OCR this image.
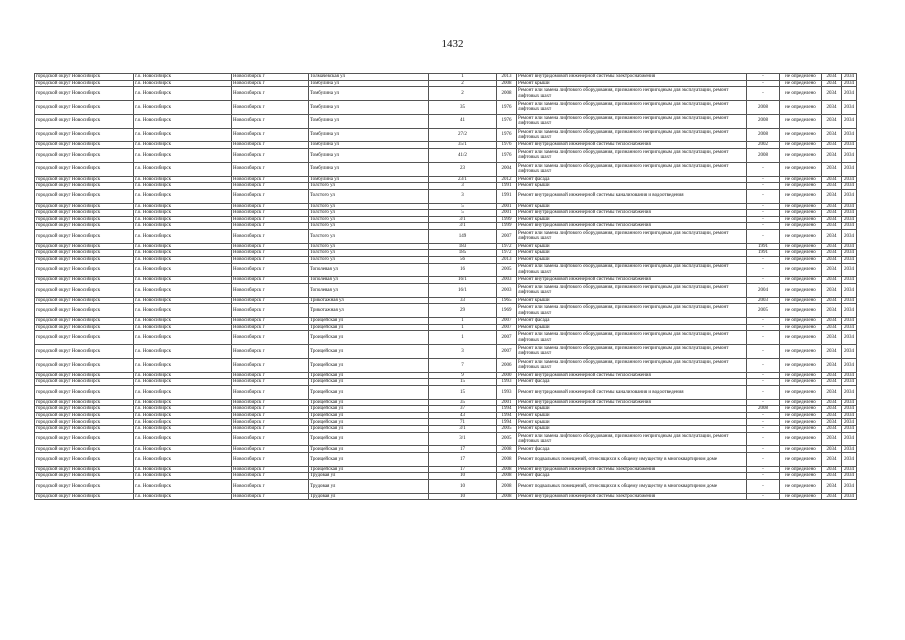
1432
городской округ Новосибирск	г.о. Новосибирск	Новосибирск г	Толмачевская ул	1	2013	Ремонт внутридомовой инженерной системы электроснабжения	-	не определено	2034	2034
городской округ Новосибирск	г.о. Новосибирск	Новосибирск г	Томбулина ул	2	2008	Ремонт крыши	-	не определено	2034	2034
городской округ Новосибирск	г.о. Новосибирск	Новосибирск г	Томбулина ул	2	2008	Ремонт или замена лифтового оборудования, признанного непригодным для эксплуатации, ремонт лифтовых шахт	-	не определено	2034	2034
городской округ Новосибирск	г.о. Новосибирск	Новосибирск г	Томбулина ул	35	1976	Ремонт или замена лифтового оборудования, признанного непригодным для эксплуатации, ремонт лифтовых шахт	2008	не определено	2034	2034
городской округ Новосибирск	г.о. Новосибирск	Новосибирск г	Томбулина ул	41	1976	Ремонт или замена лифтового оборудования, признанного непригодным для эксплуатации, ремонт лифтовых шахт	2008	не определено	2034	2034
городской округ Новосибирск	г.о. Новосибирск	Новосибирск г	Томбулина ул	27/2	1976	Ремонт или замена лифтового оборудования, признанного непригодным для эксплуатации, ремонт лифтовых шахт	2008	не определено	2034	2034
городской округ Новосибирск	г.о. Новосибирск	Новосибирск г	Томбулина ул	35/1	1976	Ремонт внутридомовой инженерной системы теплоснабжения	2002	не определено	2034	2034
городской округ Новосибирск	г.о. Новосибирск	Новосибирск г	Томбулина ул	41/2	1976	Ремонт или замена лифтового оборудования, признанного непригодным для эксплуатации, ремонт лифтовых шахт	2008	не определено	2034	2034
городской округ Новосибирск	г.о. Новосибирск	Новосибирск г	Томбулина ул	23	2004	Ремонт или замена лифтового оборудования, признанного непригодным для эксплуатации, ремонт лифтовых шахт	-	не определено	2034	2034
городской округ Новосибирск	г.о. Новосибирск	Новосибирск г	Томбулина ул	23/1	2012	Ремонт фасада	-	не определено	2034	2034
городской округ Новосибирск	г.о. Новосибирск	Новосибирск г	Толстого ул	3	1991	Ремонт крыши	-	не определено	2034	2034
городской округ Новосибирск	г.о. Новосибирск	Новосибирск г	Толстого ул	3	1991	Ремонт внутридомовой инженерной системы канализования и водоотведения	-	не определено	2034	2034
городской округ Новосибирск	г.о. Новосибирск	Новосибирск г	Толстого ул	5	2001	Ремонт крыши	-	не определено	2034	2034
городской округ Новосибирск	г.о. Новосибирск	Новосибирск г	Толстого ул	5	2001	Ремонт внутридомовой инженерной системы теплоснабжения	-	не определено	2034	2034
городской округ Новосибирск	г.о. Новосибирск	Новосибирск г	Толстого ул	3/1	1999	Ремонт крыши	-	не определено	2034	2034
городской округ Новосибирск	г.о. Новосибирск	Новосибирск г	Толстого ул	3/1	1999	Ремонт внутридомовой инженерной системы теплоснабжения	-	не определено	2034	2034
городской округ Новосибирск	г.о. Новосибирск	Новосибирск г	Толстого ул	149	2007	Ремонт или замена лифтового оборудования, признанного непригодным для эксплуатации, ремонт лифтовых шахт	-	не определено	2034	2034
городской округ Новосибирск	г.о. Новосибирск	Новосибирск г	Толстого ул	183	1972	Ремонт крыши	1991	не определено	2034	2034
городской округ Новосибирск	г.о. Новосибирск	Новосибирск г	Толстого ул	185	1972	Ремонт крыши	1991	не определено	2034	2034
городской округ Новосибирск	г.о. Новосибирск	Новосибирск г	Толстого ул	56	2013	Ремонт крыши	-	не определено	2034	2034
городской округ Новосибирск	г.о. Новосибирск	Новосибирск г	Тополевая ул	16	2005	Ремонт или замена лифтового оборудования, признанного непригодным для эксплуатации, ремонт лифтовых шахт	-	не определено	2034	2034
городской округ Новосибирск	г.о. Новосибирск	Новосибирск г	Тополевая ул	16/1	2003	Ремонт внутридомовой инженерной системы теплоснабжения	-	не определено	2034	2034
городской округ Новосибирск	г.о. Новосибирск	Новосибирск г	Тополевая ул	16/1	2003	Ремонт или замена лифтового оборудования, признанного непригодным для эксплуатации, ремонт лифтовых шахт	2004	не определено	2034	2034
городской округ Новосибирск	г.о. Новосибирск	Новосибирск г	Трикотажная ул	33	1965	Ремонт крыши	2003	не определено	2034	2034
городской округ Новосибирск	г.о. Новосибирск	Новосибирск г	Трикотажная ул	29	1969	Ремонт или замена лифтового оборудования, признанного непригодным для эксплуатации, ремонт лифтовых шахт	2005	не определено	2034	2034
городской округ Новосибирск	г.о. Новосибирск	Новосибирск г	Троицейская ул	1	2007	Ремонт фасада	-	не определено	2034	2034
городской округ Новосибирск	г.о. Новосибирск	Новосибирск г	Троицейская ул	1	2007	Ремонт крыши	-	не определено	2034	2034
городской округ Новосибирск	г.о. Новосибирск	Новосибирск г	Троицейская ул	1	2007	Ремонт или замена лифтового оборудования, признанного непригодным для эксплуатации, ремонт лифтовых шахт	-	не определено	2034	2034
городской округ Новосибирск	г.о. Новосибирск	Новосибирск г	Троицейская ул	3	2007	Ремонт или замена лифтового оборудования, признанного непригодным для эксплуатации, ремонт лифтовых шахт	-	не определено	2034	2034
городской округ Новосибирск	г.о. Новосибирск	Новосибирск г	Троицейская ул	7	2006	Ремонт или замена лифтового оборудования, признанного непригодным для эксплуатации, ремонт лифтовых шахт	-	не определено	2034	2034
городской округ Новосибирск	г.о. Новосибирск	Новосибирск г	Троицейская ул	9	2000	Ремонт внутридомовой инженерной системы теплоснабжения	-	не определено	2034	2034
городской округ Новосибирск	г.о. Новосибирск	Новосибирск г	Троицейская ул	15	1993	Ремонт фасада	-	не определено	2034	2034
городской округ Новосибирск	г.о. Новосибирск	Новосибирск г	Троицейская ул	15	1993	Ремонт внутридомовой инженерной системы канализования и водоотведения	-	не определено	2034	2034
городской округ Новосибирск	г.о. Новосибирск	Новосибирск г	Троицейская ул	35	2001	Ремонт внутридомовой инженерной системы теплоснабжения	-	не определено	2034	2034
городской округ Новосибирск	г.о. Новосибирск	Новосибирск г	Троицейская ул	37	1994	Ремонт крыши	2008	не определено	2034	2034
городской округ Новосибирск	г.о. Новосибирск	Новосибирск г	Троицейская ул	43	1994	Ремонт крыши	-	не определено	2034	2034
городской округ Новосибирск	г.о. Новосибирск	Новосибирск г	Троицейская ул	71	1994	Ремонт крыши	-	не определено	2034	2034
городской округ Новосибирск	г.о. Новосибирск	Новосибирск г	Троицейская ул	3/1	2005	Ремонт крыши	-	не определено	2034	2034
городской округ Новосибирск	г.о. Новосибирск	Новосибирск г	Троицейская ул	3/1	2005	Ремонт или замена лифтового оборудования, признанного непригодным для эксплуатации, ремонт лифтовых шахт	-	не определено	2034	2034
городской округ Новосибирск	г.о. Новосибирск	Новосибирск г	Троицейская ул	17	2008	Ремонт фасада	-	не определено	2034	2034
городской округ Новосибирск	г.о. Новосибирск	Новосибирск г	Троицейская ул	17	2008	Ремонт подвальных помещений, относящихся к общему имуществу в многоквартирном доме	-	не определено	2034	2034
городской округ Новосибирск	г.о. Новосибирск	Новосибирск г	Троицейская ул	17	2008	Ремонт внутридомовой инженерной системы электроснабжения	-	не определено	2034	2034
городской округ Новосибирск	г.о. Новосибирск	Новосибирск г	Трудовая ул	10	2008	Ремонт фасада	-	не определено	2034	2034
городской округ Новосибирск	г.о. Новосибирск	Новосибирск г	Трудовая ул	10	2008	Ремонт подвальных помещений, относящихся к общему имуществу в многоквартирном доме	-	не определено	2034	2034
городской округ Новосибирск	г.о. Новосибирск	Новосибирск г	Трудовая ул	10	2008	Ремонт внутридомовой инженерной системы электроснабжения	-	не определено	2034	2034
